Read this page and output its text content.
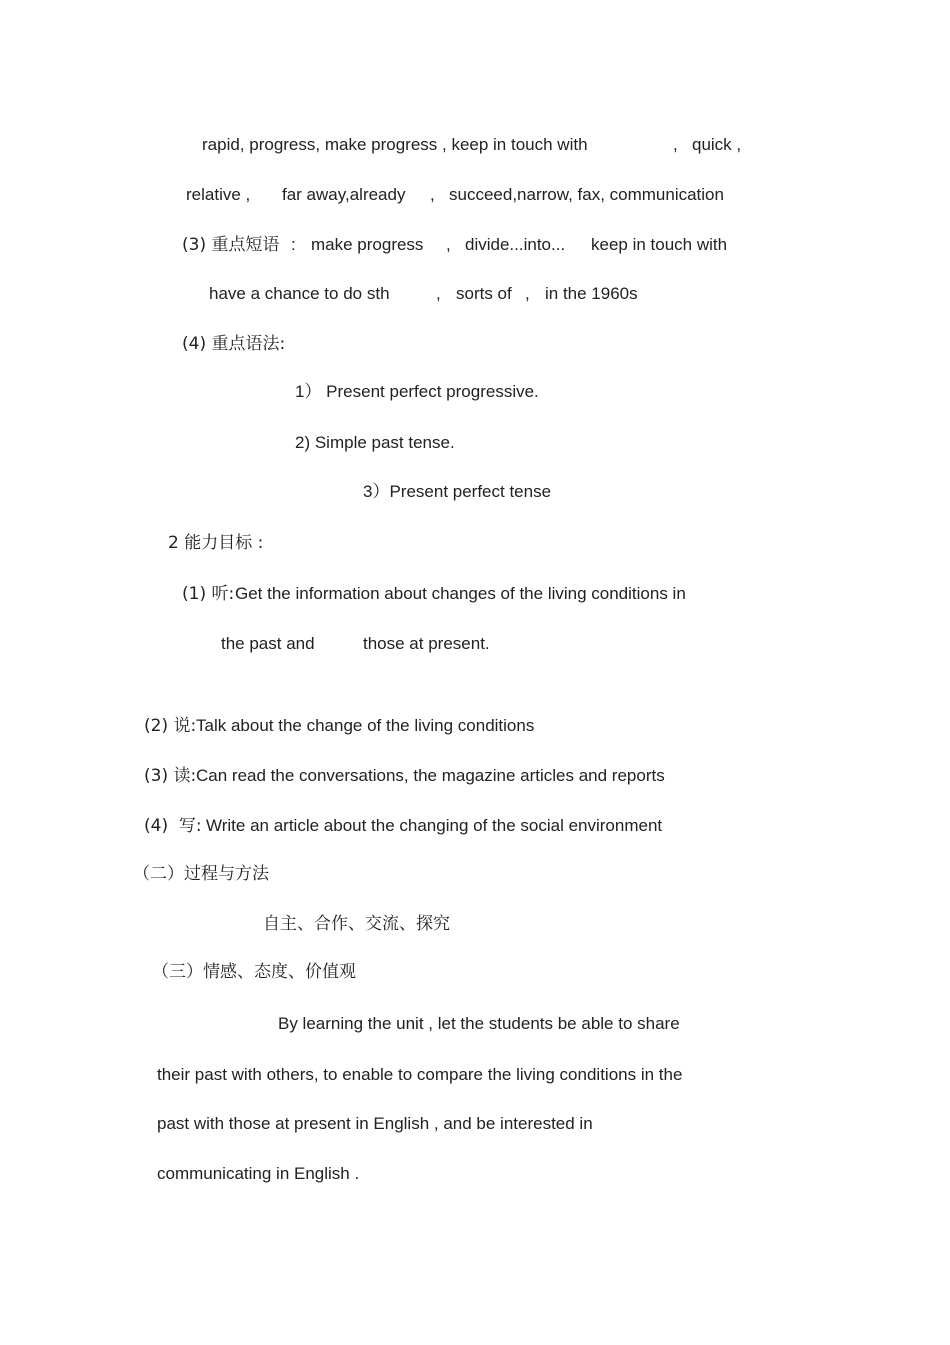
rapid, progress, make progress , keep in touch with	, quick ,
relative , far away,already , succeed,narrow, fax, communication
(3) 重点短语 : make progress , divide...into... keep in touch with
have a chance to do sth	, sorts of , in the 1960s
(4) 重点语法:
1） Present perfect progressive.
2) Simple past tense.
3）Present perfect tense
2 能力目标 :
(1) 听: Get the information about changes of the living conditions in
the past and	those at present.
(2) 说: Talk about the change of the living conditions
(3) 读: Can read the conversations, the magazine articles and reports
(4)  写: Write an article about the changing of the social environment
（二）过程与方法
自主、合作、交流、探究
（三）情感、态度、价值观
By learning the unit , let the students be able to share
their past with others, to enable to compare the living conditions in the
past with those at present in English , and be interested in
communicating in English .
